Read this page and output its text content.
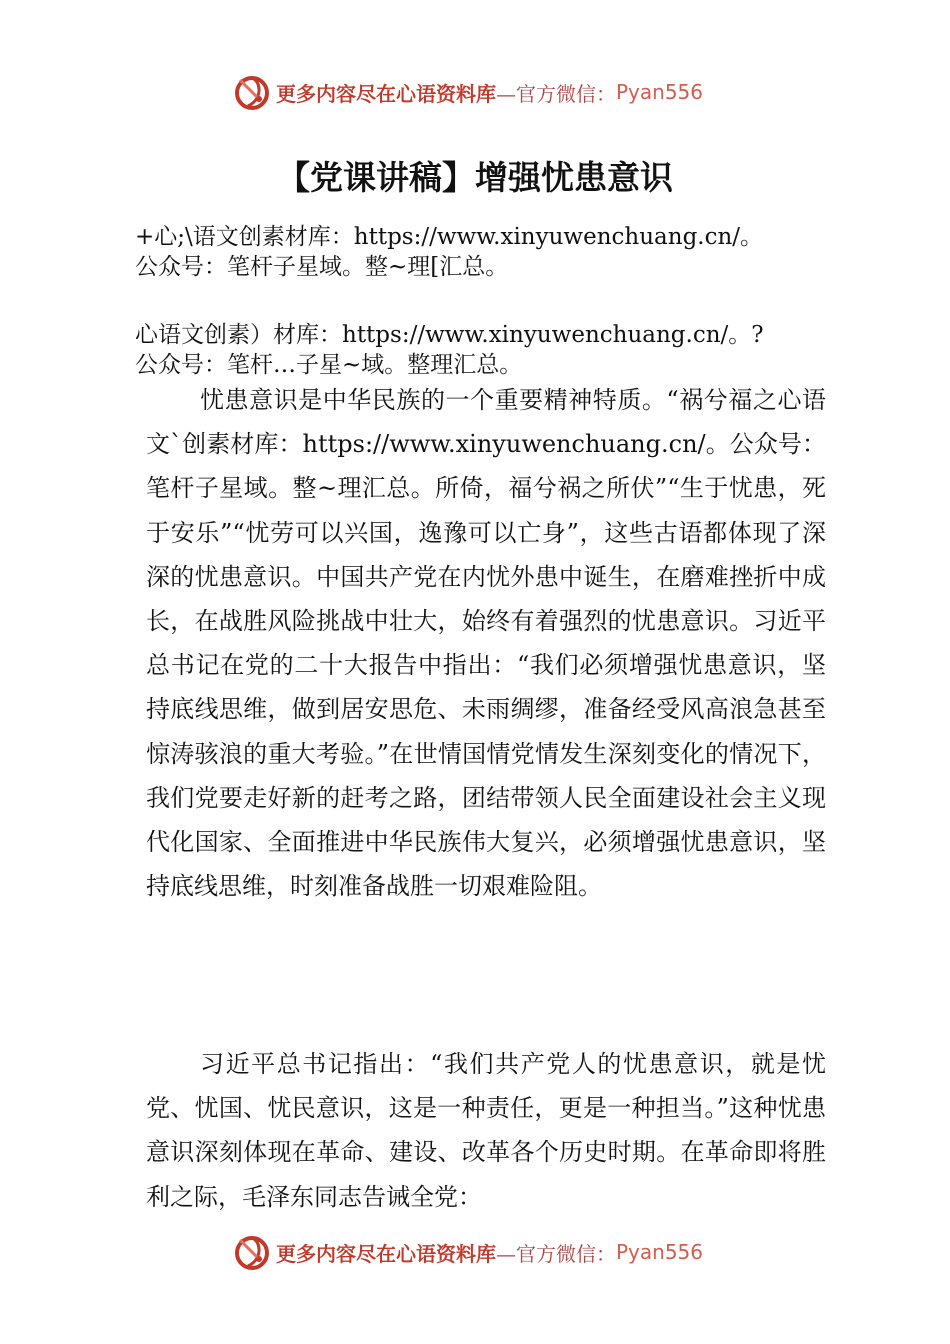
更多内容尽在心语资料库 —官方微信： Pyan556
【党课讲稿】增强忧患意识
+心;\语文创素材库：https://www.xinyuwenchuang.cn/。
公众号：笔杆子星域。整~理[汇总。
心语文创素）材库：https://www.xinyuwenchuang.cn/。?
公众号：笔杆…子星~域。整理汇总。

忧患意识是中华民族的一个重要精神特质。“祸兮福之心语文`创素材库：https://www.xinyuwenchuang.cn/。公众号：笔杆子星域。整~理汇总。所倚，福兮祸之所伏”“生于忧患，死于安乐”“忧劳可以兴国，逸豫可以亡身”，这些古语都体现了深深的忧患意识。中国共产党在内忧外患中诞生，在磨难挫折中成长，在战胜风险挑战中壮大，始终有着强烈的忧患意识。习近平总书记在党的二十大报告中指出：“我们必须增强忧患意识，坚持底线思维，做到居安思危、未雨绸缪，准备经受风高浪急甚至惊涛骇浪的重大考验。”在世情国情党情发生深刻变化的情况下，我们党要走好新的赶考之路，团结带领人民全面建设社会主义现代化国家、全面推进中华民族伟大复兴，必须增强忧患意识，坚持底线思维，时刻准备战胜一切艰难险阻。

习近平总书记指出：“我们共产党人的忧患意识，就是忧党、忧国、忧民意识，这是一种责任，更是一种担当。”这种忧患意识深刻体现在革命、建设、改革各个历史时期。在革命即将胜利之际，毛泽东同志告诫全党：

更多内容尽在心语资料库 —官方微信： Pyan556
